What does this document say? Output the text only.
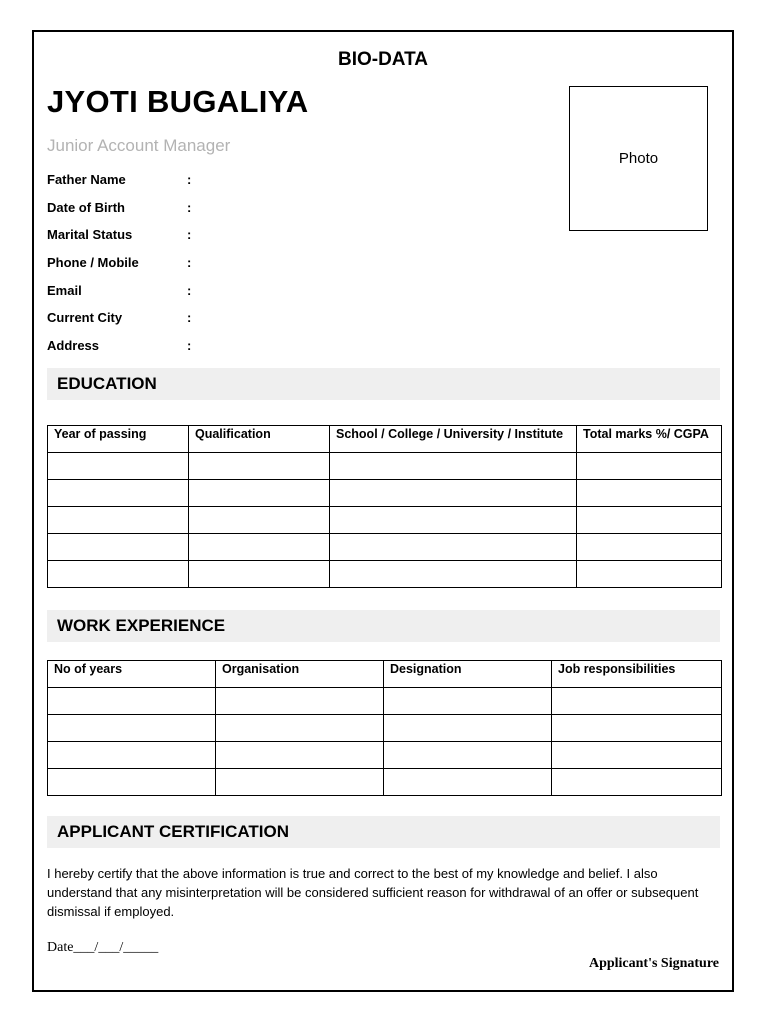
BIO-DATA
JYOTI BUGALIYA
Junior Account Manager
Photo
Father Name	:
Date of Birth	:
Marital Status	:
Phone / Mobile	:
Email	:
Current City	:
Address	:
EDUCATION
Year of passing	Qualification	School / College / University / Institute	Total marks %/ CGPA

WORK EXPERIENCE
No of years	Organisation	Designation	Job responsibilities

APPLICANT CERTIFICATION
I hereby certify that the above information is true and correct to the best of my knowledge and belief. I also understand that any misinterpretation will be considered sufficient reason for withdrawal of an offer or subsequent dismissal if employed.
Date___/___/_____
Applicant's Signature
